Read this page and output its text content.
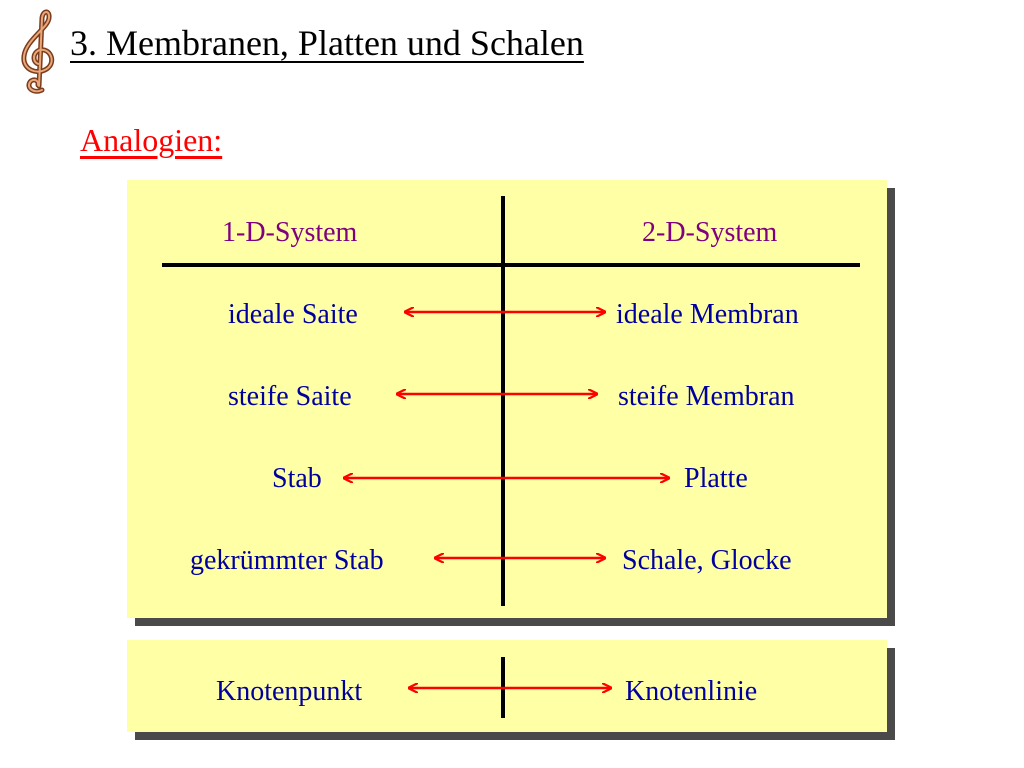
3. Membranen, Platten und Schalen
Analogien:
1-D-System	2-D-System
ideale Saite	ideale Membran
steife Saite	steife Membran
Stab	Platte
gekrümmter Stab	Schale, Glocke
Knotenpunkt	Knotenlinie
